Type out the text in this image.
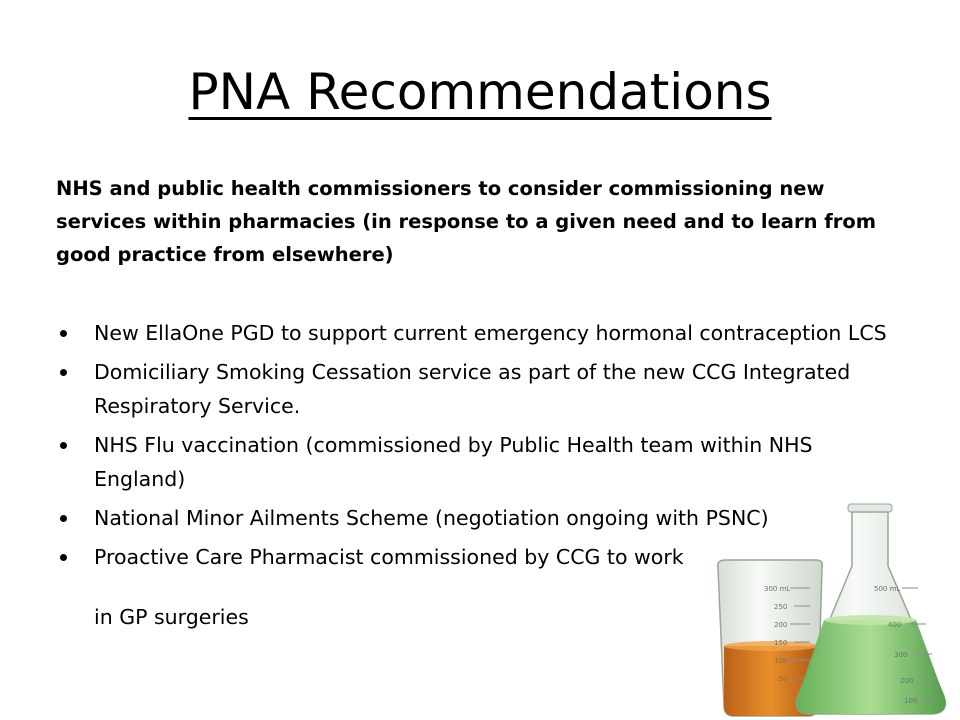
PNA Recommendations
NHS and public health commissioners to consider commissioning new services within pharmacies (in response to a given need and to learn from good practice from elsewhere)
New EllaOne PGD to support current emergency hormonal contraception LCS
Domiciliary Smoking Cessation service as part of the new CCG Integrated Respiratory Service.
NHS Flu vaccination (commissioned by Public Health team within NHS England)
National Minor Ailments Scheme (negotiation ongoing with PSNC)
Proactive Care Pharmacist commissioned by CCG to work
in GP surgeries
300 mL
250
200
150
100
50
500 mL
400
300
200
100
